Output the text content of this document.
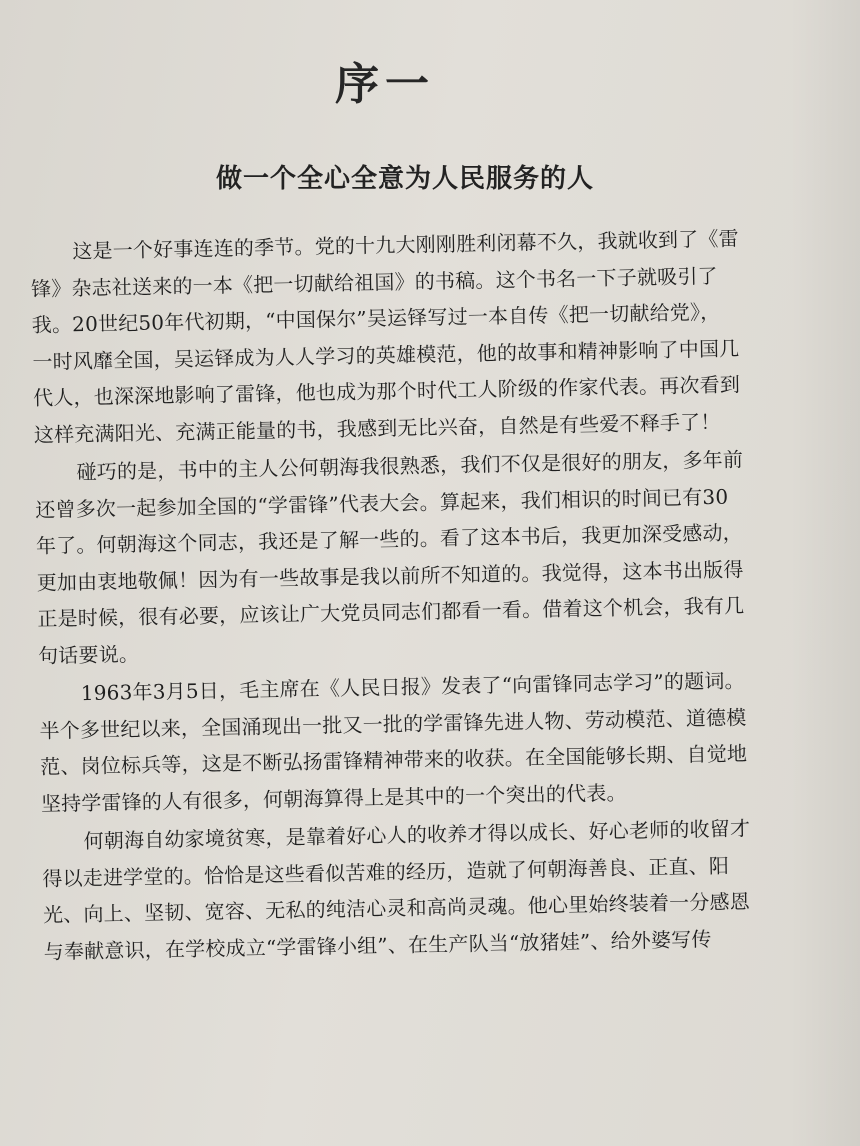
序一
做一个全心全意为人民服务的人
这是一个好事连连的季节。党的十九大刚刚胜利闭幕不久，我就收到了《雷
锋》杂志社送来的一本《把一切献给祖国》的书稿。这个书名一下子就吸引了
我。20世纪50年代初期，“中国保尔”吴运铎写过一本自传《把一切献给党》，
一时风靡全国，吴运铎成为人人学习的英雄模范，他的故事和精神影响了中国几
代人，也深深地影响了雷锋，他也成为那个时代工人阶级的作家代表。再次看到
这样充满阳光、充满正能量的书，我感到无比兴奋，自然是有些爱不释手了！
碰巧的是，书中的主人公何朝海我很熟悉，我们不仅是很好的朋友，多年前
还曾多次一起参加全国的“学雷锋”代表大会。算起来，我们相识的时间已有30
年了。何朝海这个同志，我还是了解一些的。看了这本书后，我更加深受感动，
更加由衷地敬佩！因为有一些故事是我以前所不知道的。我觉得，这本书出版得
正是时候，很有必要，应该让广大党员同志们都看一看。借着这个机会，我有几
句话要说。
1963年3月5日，毛主席在《人民日报》发表了“向雷锋同志学习”的题词。
半个多世纪以来，全国涌现出一批又一批的学雷锋先进人物、劳动模范、道德模
范、岗位标兵等，这是不断弘扬雷锋精神带来的收获。在全国能够长期、自觉地
坚持学雷锋的人有很多，何朝海算得上是其中的一个突出的代表。
何朝海自幼家境贫寒，是靠着好心人的收养才得以成长、好心老师的收留才
得以走进学堂的。恰恰是这些看似苦难的经历，造就了何朝海善良、正直、阳
光、向上、坚韧、宽容、无私的纯洁心灵和高尚灵魂。他心里始终装着一分感恩
与奉献意识，在学校成立“学雷锋小组”、在生产队当“放猪娃”、给外婆写传
